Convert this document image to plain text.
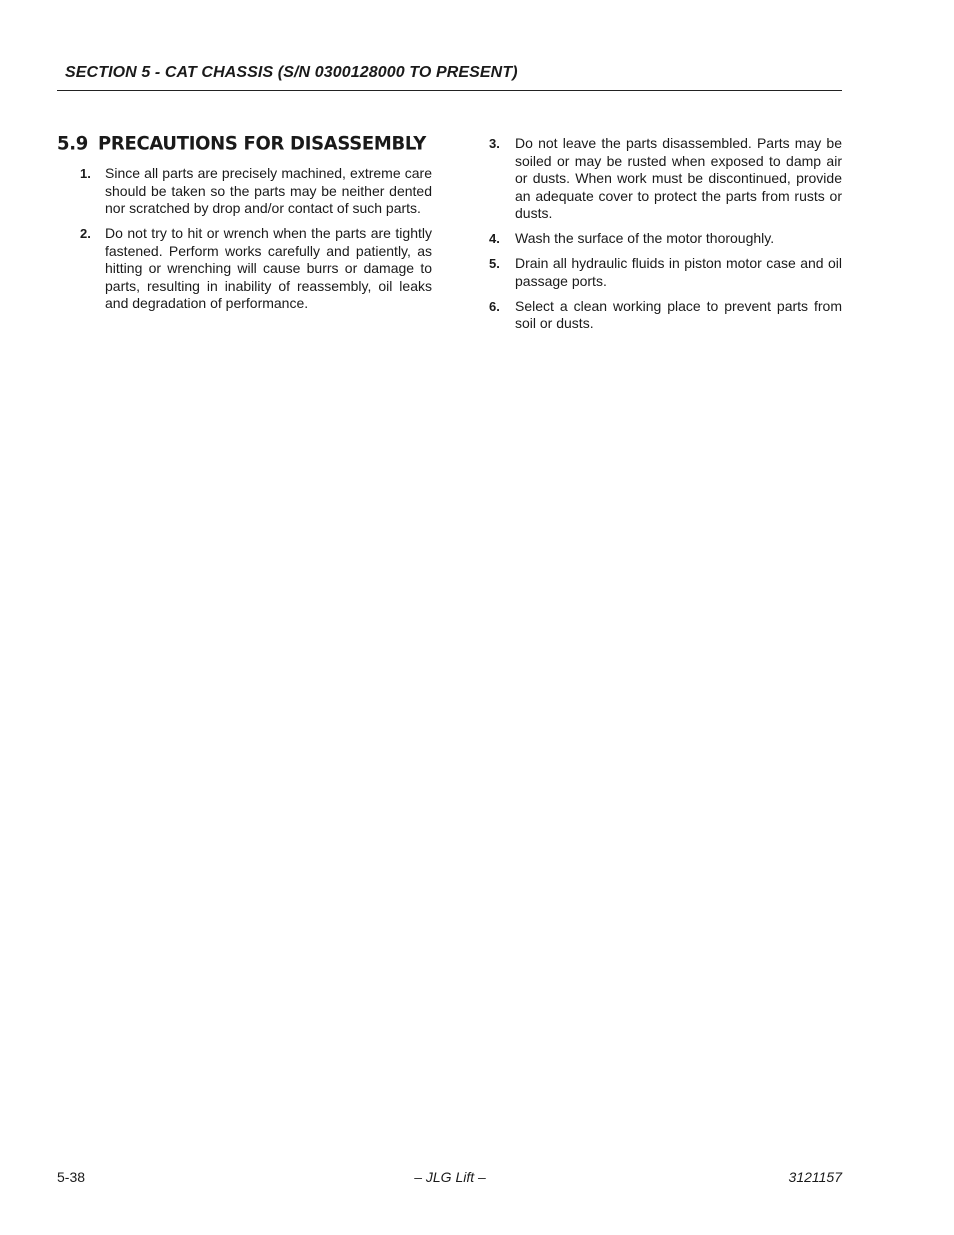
SECTION 5 - CAT CHASSIS (S/N 0300128000 TO PRESENT)
5.9 PRECAUTIONS FOR DISASSEMBLY
1. Since all parts are precisely machined, extreme care should be taken so the parts may be neither dented nor scratched by drop and/or contact of such parts.
2. Do not try to hit or wrench when the parts are tightly fastened. Perform works carefully and patiently, as hitting or wrenching will cause burrs or damage to parts, resulting in inability of reassembly, oil leaks and degradation of performance.
3. Do not leave the parts disassembled. Parts may be soiled or may be rusted when exposed to damp air or dusts. When work must be discontinued, provide an adequate cover to protect the parts from rusts or dusts.
4. Wash the surface of the motor thoroughly.
5. Drain all hydraulic fluids in piston motor case and oil passage ports.
6. Select a clean working place to prevent parts from soil or dusts.
5-38	– JLG Lift –	3121157
